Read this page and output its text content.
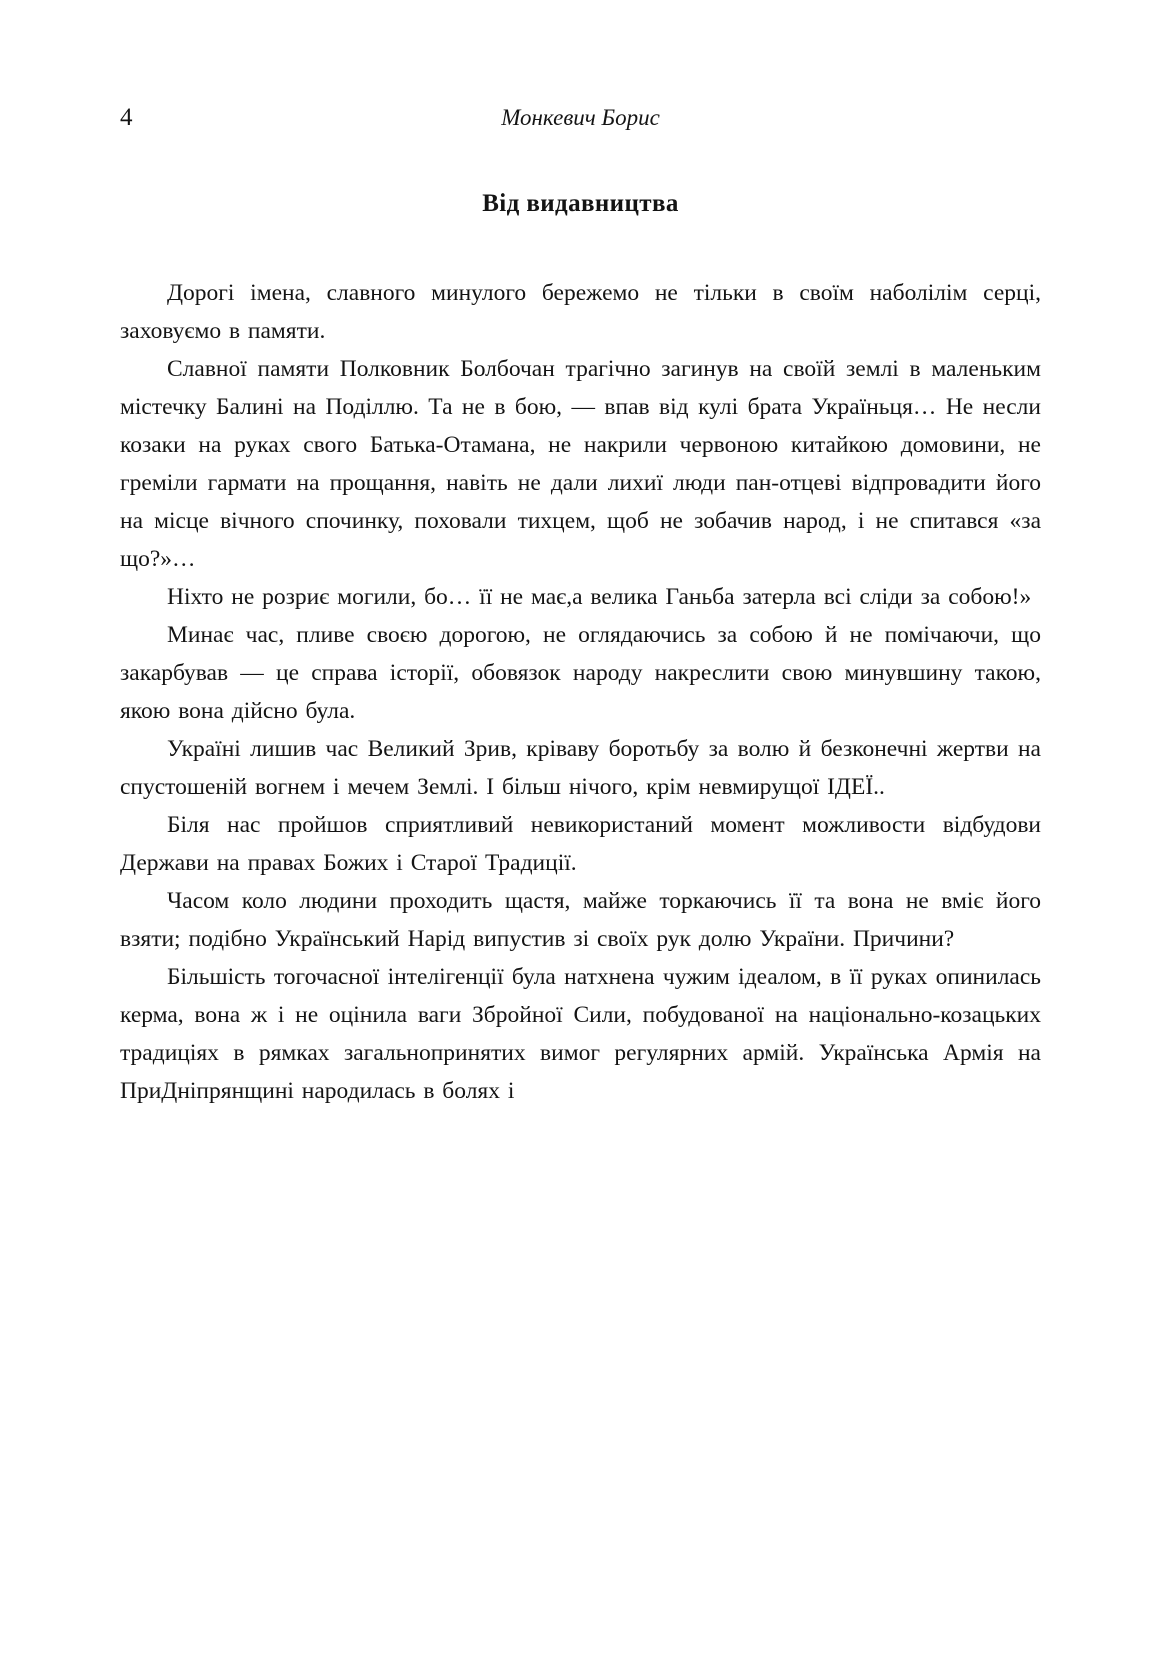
4	Монкевич Борис
Від видавництва

Дорогі імена, славного минулого бережемо не тільки в своїм наболілім серці, заховуємо в памяти.

Славної памяти Полковник Болбочан трагічно загинув на своїй землі в маленьким містечку Балині на Поділлю. Та не в бою, — впав від кулі брата Україньця… Не несли козаки на руках свого Батька-Отамана, не накрили червоною китайкою домовини, не греміли гармати на прощання, навіть не дали лихиї люди пан-отцеві відпровадити його на місце вічного спочинку, поховали тихцем, щоб не зобачив народ, і не спитався «за що?»…

Ніхто не розриє могили, бо… її не має,а велика Ганьба затерла всі сліди за собою!»

Минає час, пливе своєю дорогою, не оглядаючись за собою й не помічаючи, що закарбував — це справа історії, обовязок народу накреслити свою минувшину такою, якою вона дійсно була.

Україні лишив час Великий Зрив, кріваву боротьбу за волю й безконечні жертви на спустошеній вогнем і мечем Землі. І більш нічого, крім невмирущої ІДЕЇ..

Біля нас пройшов сприятливий невикористаний момент можливости відбудови Держави на правах Божих і Старої Традиції.

Часом коло людини проходить щастя, майже торкаючись її та вона не вміє його взяти; подібно Український Нарід випустив зі своїх рук долю України. Причини?

Більшість тогочасної інтелігенції була натхнена чужим ідеалом, в її руках опинилась керма, вона ж і не оцінила ваги Збройної Сили, побудованої на національно-козацьких традиціях в рямках загальнопринятих вимог регулярних армій. Українська Армія на ПриДніпрянщині народилась в болях і
